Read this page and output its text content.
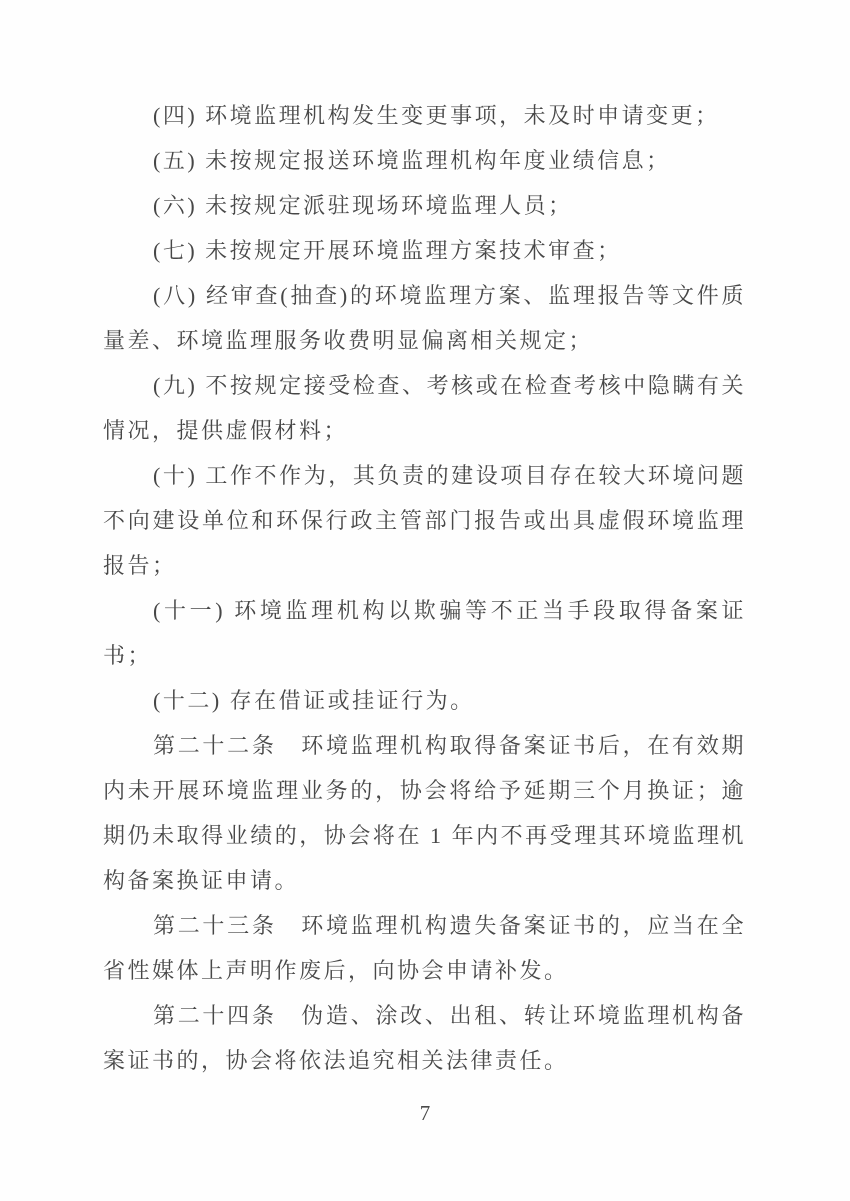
(四) 环境监理机构发生变更事项，未及时申请变更；

(五) 未按规定报送环境监理机构年度业绩信息；

(六) 未按规定派驻现场环境监理人员；

(七) 未按规定开展环境监理方案技术审查；

(八) 经审查(抽查)的环境监理方案、监理报告等文件质量差、环境监理服务收费明显偏离相关规定；

(九) 不按规定接受检查、考核或在检查考核中隐瞒有关情况，提供虚假材料；

(十) 工作不作为，其负责的建设项目存在较大环境问题不向建设单位和环保行政主管部门报告或出具虚假环境监理报告；

(十一) 环境监理机构以欺骗等不正当手段取得备案证书；

(十二) 存在借证或挂证行为。

第二十二条　环境监理机构取得备案证书后，在有效期内未开展环境监理业务的，协会将给予延期三个月换证；逾期仍未取得业绩的，协会将在 1 年内不再受理其环境监理机构备案换证申请。

第二十三条　环境监理机构遗失备案证书的，应当在全省性媒体上声明作废后，向协会申请补发。

第二十四条　伪造、涂改、出租、转让环境监理机构备案证书的，协会将依法追究相关法律责任。

7
